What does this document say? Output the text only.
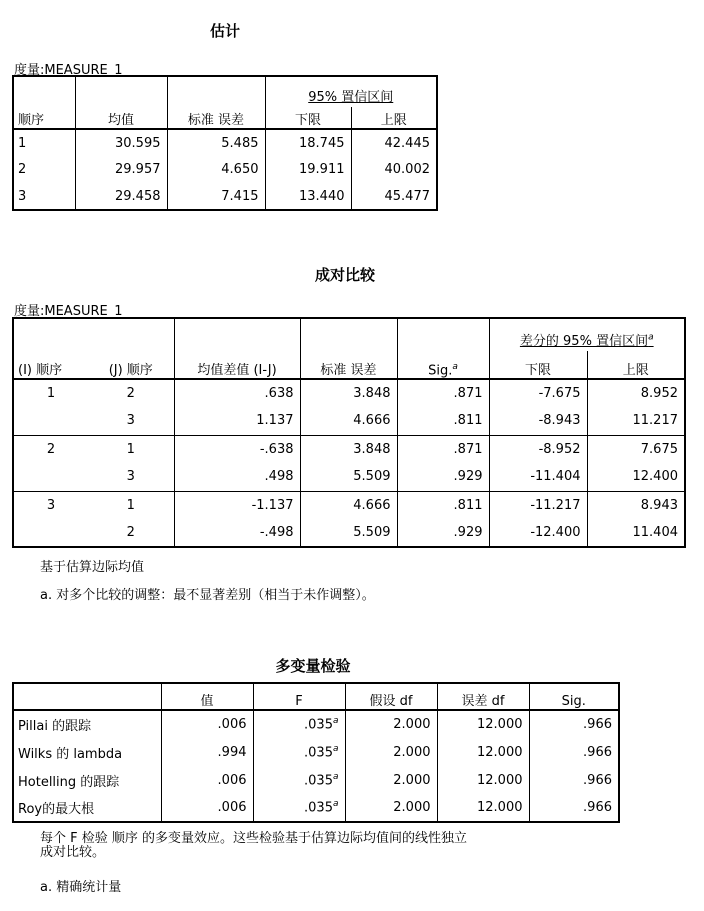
估计
度量:MEASURE_1
			95% 置信区间	
顺序	均值	标准 误差	下限	上限
1	30.595	5.485	18.745	42.445
2	29.957	4.650	19.911	40.002
3	29.458	7.415	13.440	45.477
成对比较
度量:MEASURE_1
					差分的 95% 置信区间$^a$
(I) 顺序	(J) 顺序	均值差值 (I-J)	标准 误差	Sig.$^a$	下限	上限
1	2	.638	3.848	.871	-7.675	8.952
	3	1.137	4.666	.811	-8.943	11.217
2	1	-.638	3.848	.871	-8.952	7.675
	3	.498	5.509	.929	-11.404	12.400
3	1	-1.137	4.666	.811	-11.217	8.943
	2	-.498	5.509	.929	-12.400	11.404
基于估算边际均值
a. 对多个比较的调整：最不显著差别（相当于未作调整）。
多变量检验
	值	F	假设 df	误差 df	Sig.
Pillai 的跟踪	.006	.035$^a$	2.000	12.000	.966
Wilks 的 lambda	.994	.035$^a$	2.000	12.000	.966
Hotelling 的跟踪	.006	.035$^a$	2.000	12.000	.966
Roy的最大根	.006	.035$^a$	2.000	12.000	.966
每个 F 检验 顺序 的多变量效应。这些检验基于估算边际均值间的线性独立
成对比较。
a. 精确统计量
